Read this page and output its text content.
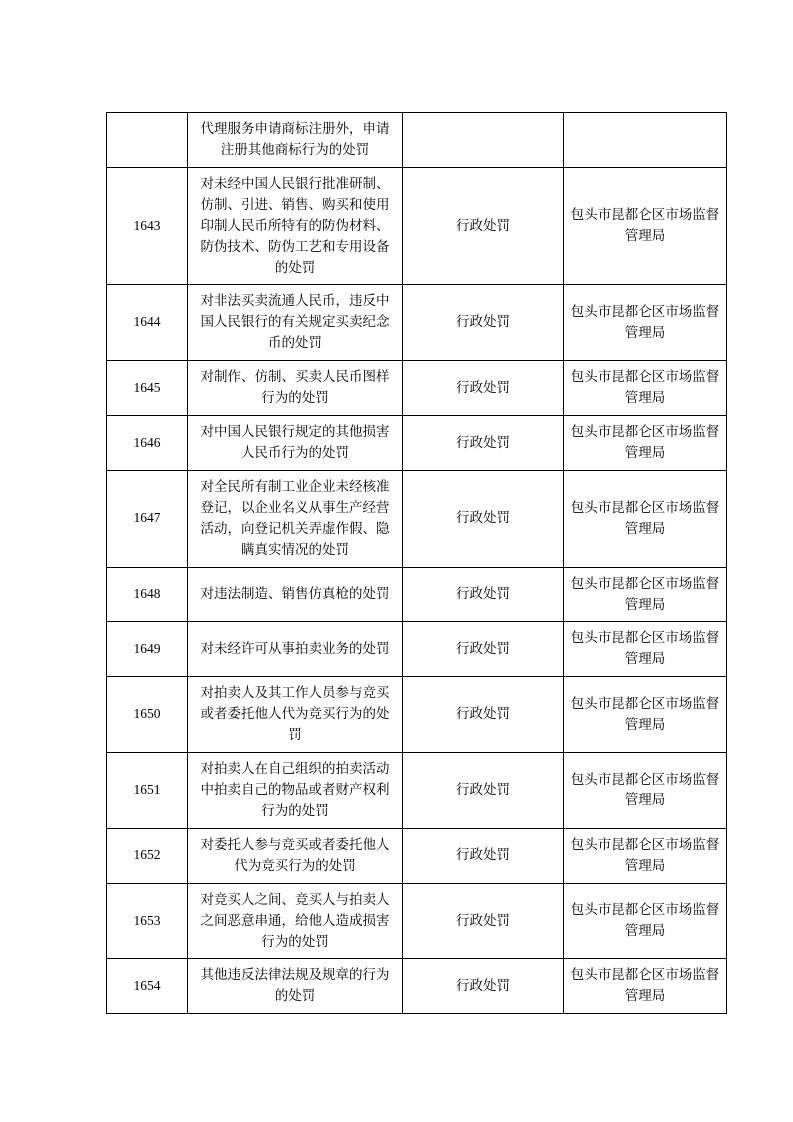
	代理服务申请商标注册外，申请注册其他商标行为的处罚		
1643	对未经中国人民银行批准研制、仿制、引进、销售、购买和使用印制人民币所特有的防伪材料、防伪技术、防伪工艺和专用设备的处罚	行政处罚	包头市昆都仑区市场监督管理局
1644	对非法买卖流通人民币，违反中国人民银行的有关规定买卖纪念币的处罚	行政处罚	包头市昆都仑区市场监督管理局
1645	对制作、仿制、买卖人民币图样行为的处罚	行政处罚	包头市昆都仑区市场监督管理局
1646	对中国人民银行规定的其他损害人民币行为的处罚	行政处罚	包头市昆都仑区市场监督管理局
1647	对全民所有制工业企业未经核准登记，以企业名义从事生产经营活动，向登记机关弄虚作假、隐瞒真实情况的处罚	行政处罚	包头市昆都仑区市场监督管理局
1648	对违法制造、销售仿真枪的处罚	行政处罚	包头市昆都仑区市场监督管理局
1649	对未经许可从事拍卖业务的处罚	行政处罚	包头市昆都仑区市场监督管理局
1650	对拍卖人及其工作人员参与竞买或者委托他人代为竞买行为的处罚	行政处罚	包头市昆都仑区市场监督管理局
1651	对拍卖人在自己组织的拍卖活动中拍卖自己的物品或者财产权利行为的处罚	行政处罚	包头市昆都仑区市场监督管理局
1652	对委托人参与竞买或者委托他人代为竞买行为的处罚	行政处罚	包头市昆都仑区市场监督管理局
1653	对竞买人之间、竞买人与拍卖人之间恶意串通，给他人造成损害行为的处罚	行政处罚	包头市昆都仑区市场监督管理局
1654	其他违反法律法规及规章的行为的处罚	行政处罚	包头市昆都仑区市场监督管理局
